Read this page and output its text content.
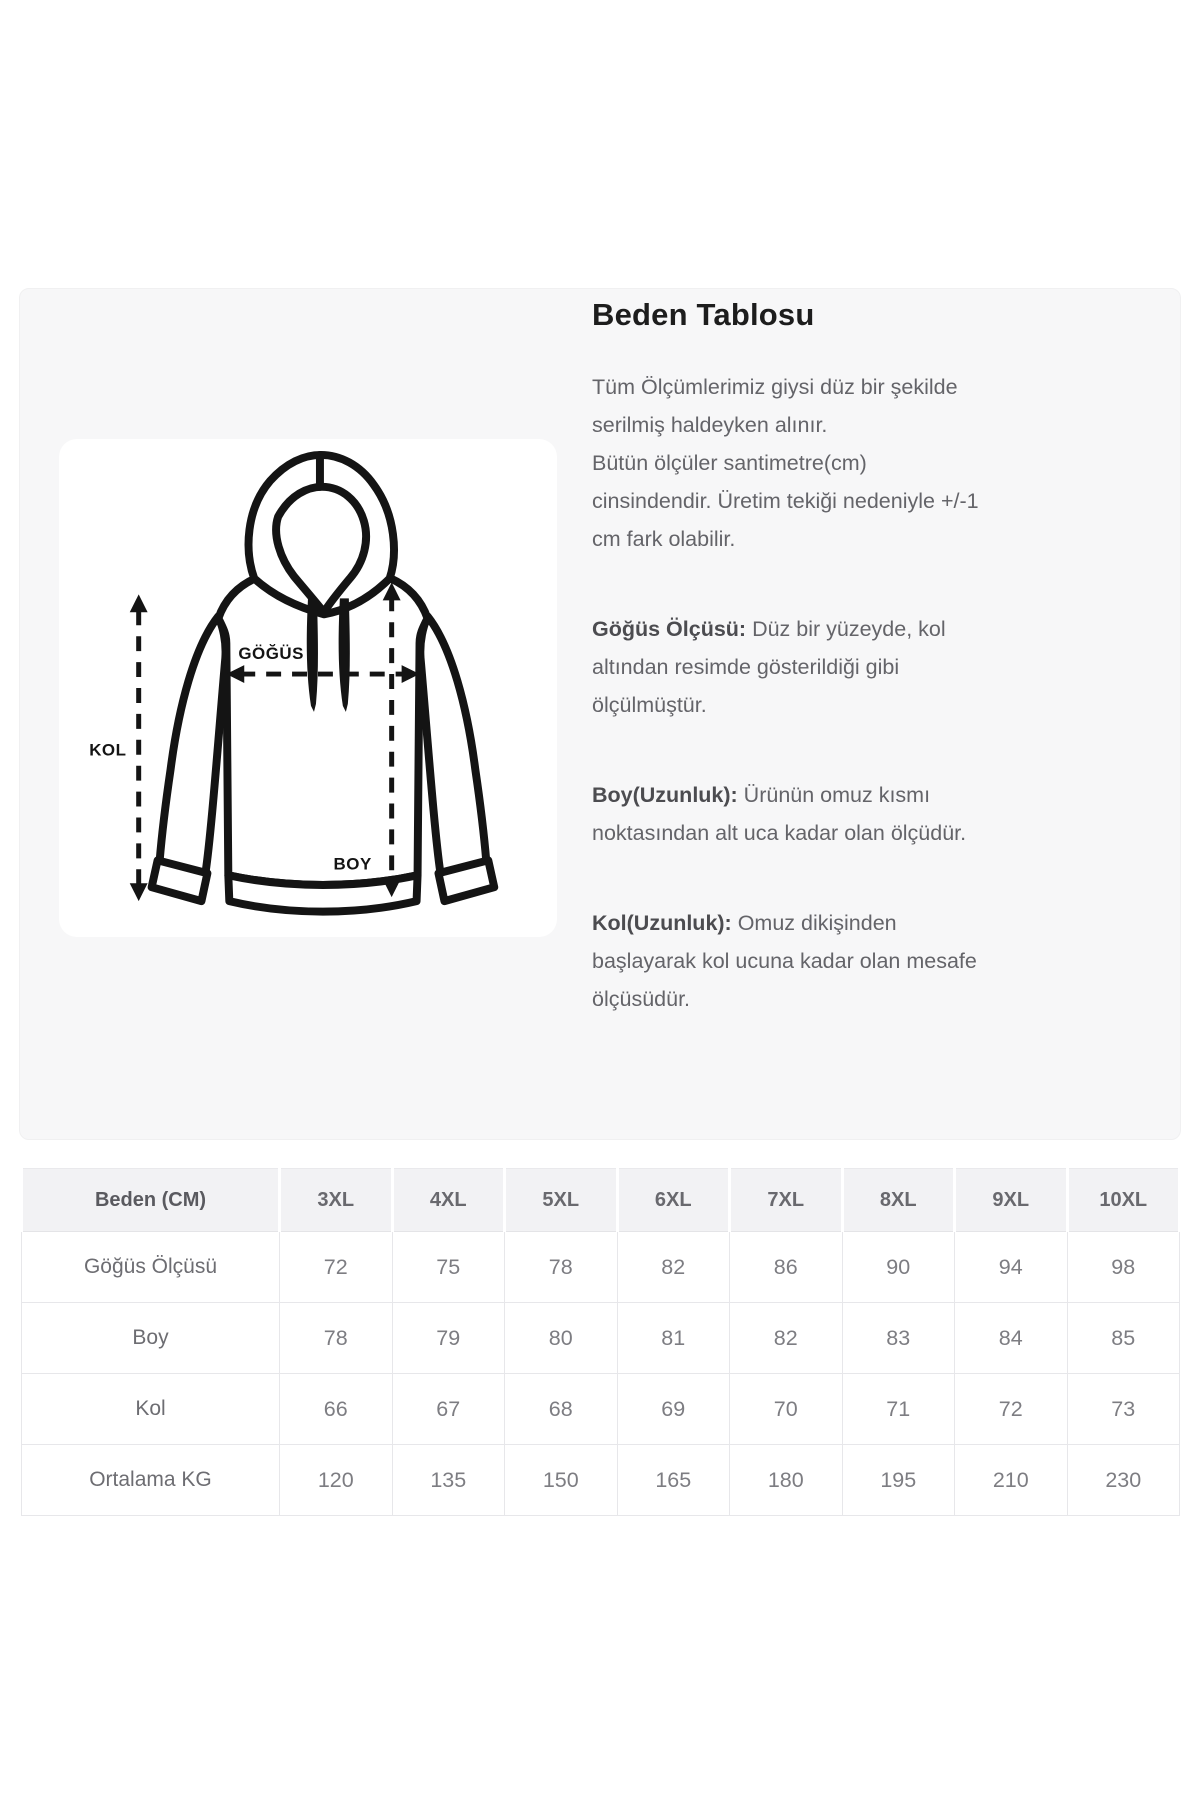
GÖĞÜS
KOL
BOY
Beden Tablosu

Tüm Ölçümlerimiz giysi düz bir şekilde
serilmiş haldeyken alınır.
Bütün ölçüler santimetre(cm)
cinsindendir. Üretim tekiği nedeniyle +/-1
cm fark olabilir.

Göğüs Ölçüsü: Düz bir yüzeyde, kol
altından resimde gösterildiği gibi
ölçülmüştür.

Boy(Uzunluk): Ürünün omuz kısmı
noktasından alt uca kadar olan ölçüdür.

Kol(Uzunluk): Omuz dikişinden
başlayarak kol ucuna kadar olan mesafe
ölçüsüdür.

Beden (CM)	3XL	4XL	5XL	6XL	7XL	8XL	9XL	10XL
Göğüs Ölçüsü	72	75	78	82	86	90	94	98
Boy	78	79	80	81	82	83	84	85
Kol	66	67	68	69	70	71	72	73
Ortalama KG	120	135	150	165	180	195	210	230
